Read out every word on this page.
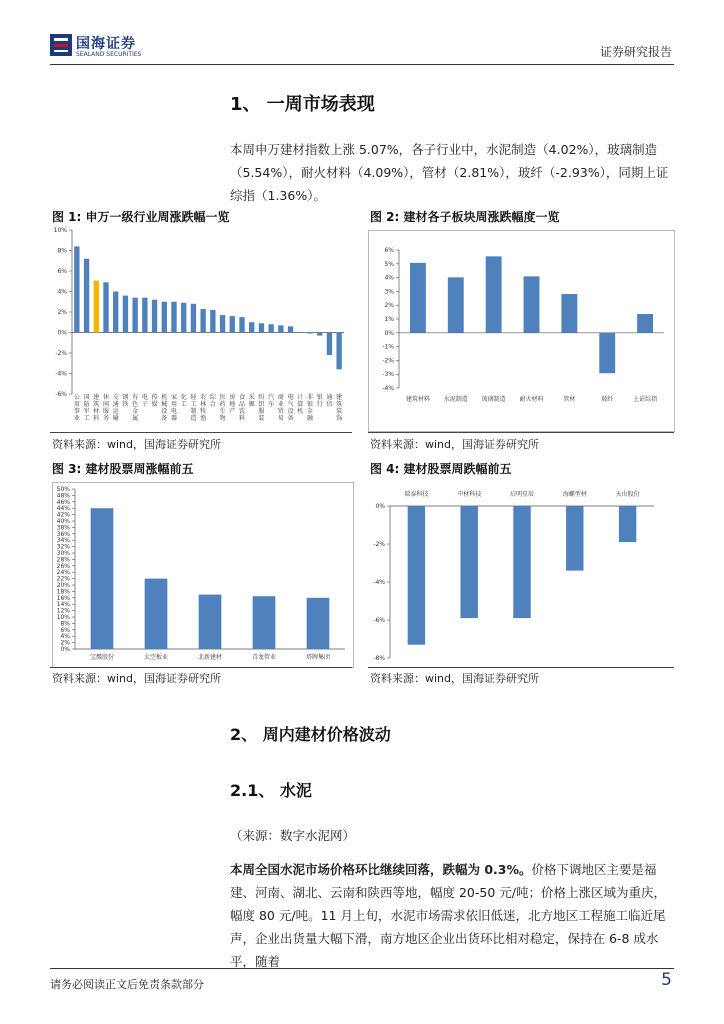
国海证券
SEALAND SECURITIES	证券研究报告
1、 一周市场表现
本周申万建材指数上涨 5.07%，各子行业中，水泥制造（4.02%），玻璃制造（5.54%），耐火材料（4.09%），管材（2.81%），玻纤（-2.93%），同期上证综指（1.36%）。
图 1: 申万一级行业周涨跌幅一览	图 2: 建材各子板块周涨跌幅度一览
-6%
-4%
-2%
0%
2%
4%
6%
8%
10%
公用事业
国防军工
建筑材料
休闲服务
交通运输
钢铁
有色金属
电子
传媒
机械设备
家用电器
化工
轻工制造
农林牧渔
综合
医药生物
房地产
食品饮料
采掘
纺织服装
汽车
商业贸易
电气设备
计算机
非银金融
银行
通信
建筑装饰
-4%
-3%
-2%
-1%
0%
1%
2%
3%
4%
5%
6%
建筑材料 水泥制造 玻璃制造 耐火材料	管材	玻纤	上证综指
资料来源：wind，国海证券研究所	资料来源：wind，国海证券研究所
图 3: 建材股票周涨幅前五	图 4: 建材股票周跌幅前五
0%
2%
4%
6%
8%
10%
12%
14%
16%
18%
20%
22%
24%
26%
28%
30%
32%
34%
36%
38%
40%
42%
44%
46%
48%
50%
宝鹰股份	太空板业	北新建材	青龙管业	塔牌集团	-8%
-6%
-4%
-2%
0%
瑞泰科技	中材科技	启明星辰	海螺型材	天山股份
资料来源：wind，国海证券研究所	资料来源：wind，国海证券研究所
2、 周内建材价格波动
2.1、 水泥
（来源：数字水泥网）
本周全国水泥市场价格环比继续回落，跌幅为 0.3%。价格下调地区主要是福建、河南、湖北、云南和陕西等地，幅度 20-50 元/吨；价格上涨区域为重庆，幅度 80 元/吨。11 月上旬，水泥市场需求依旧低迷，北方地区工程施工临近尾声，企业出货量大幅下滑，南方地区企业出货环比相对稳定，保持在 6-8 成水平，随着
请务必阅读正文后免责条款部分	5
